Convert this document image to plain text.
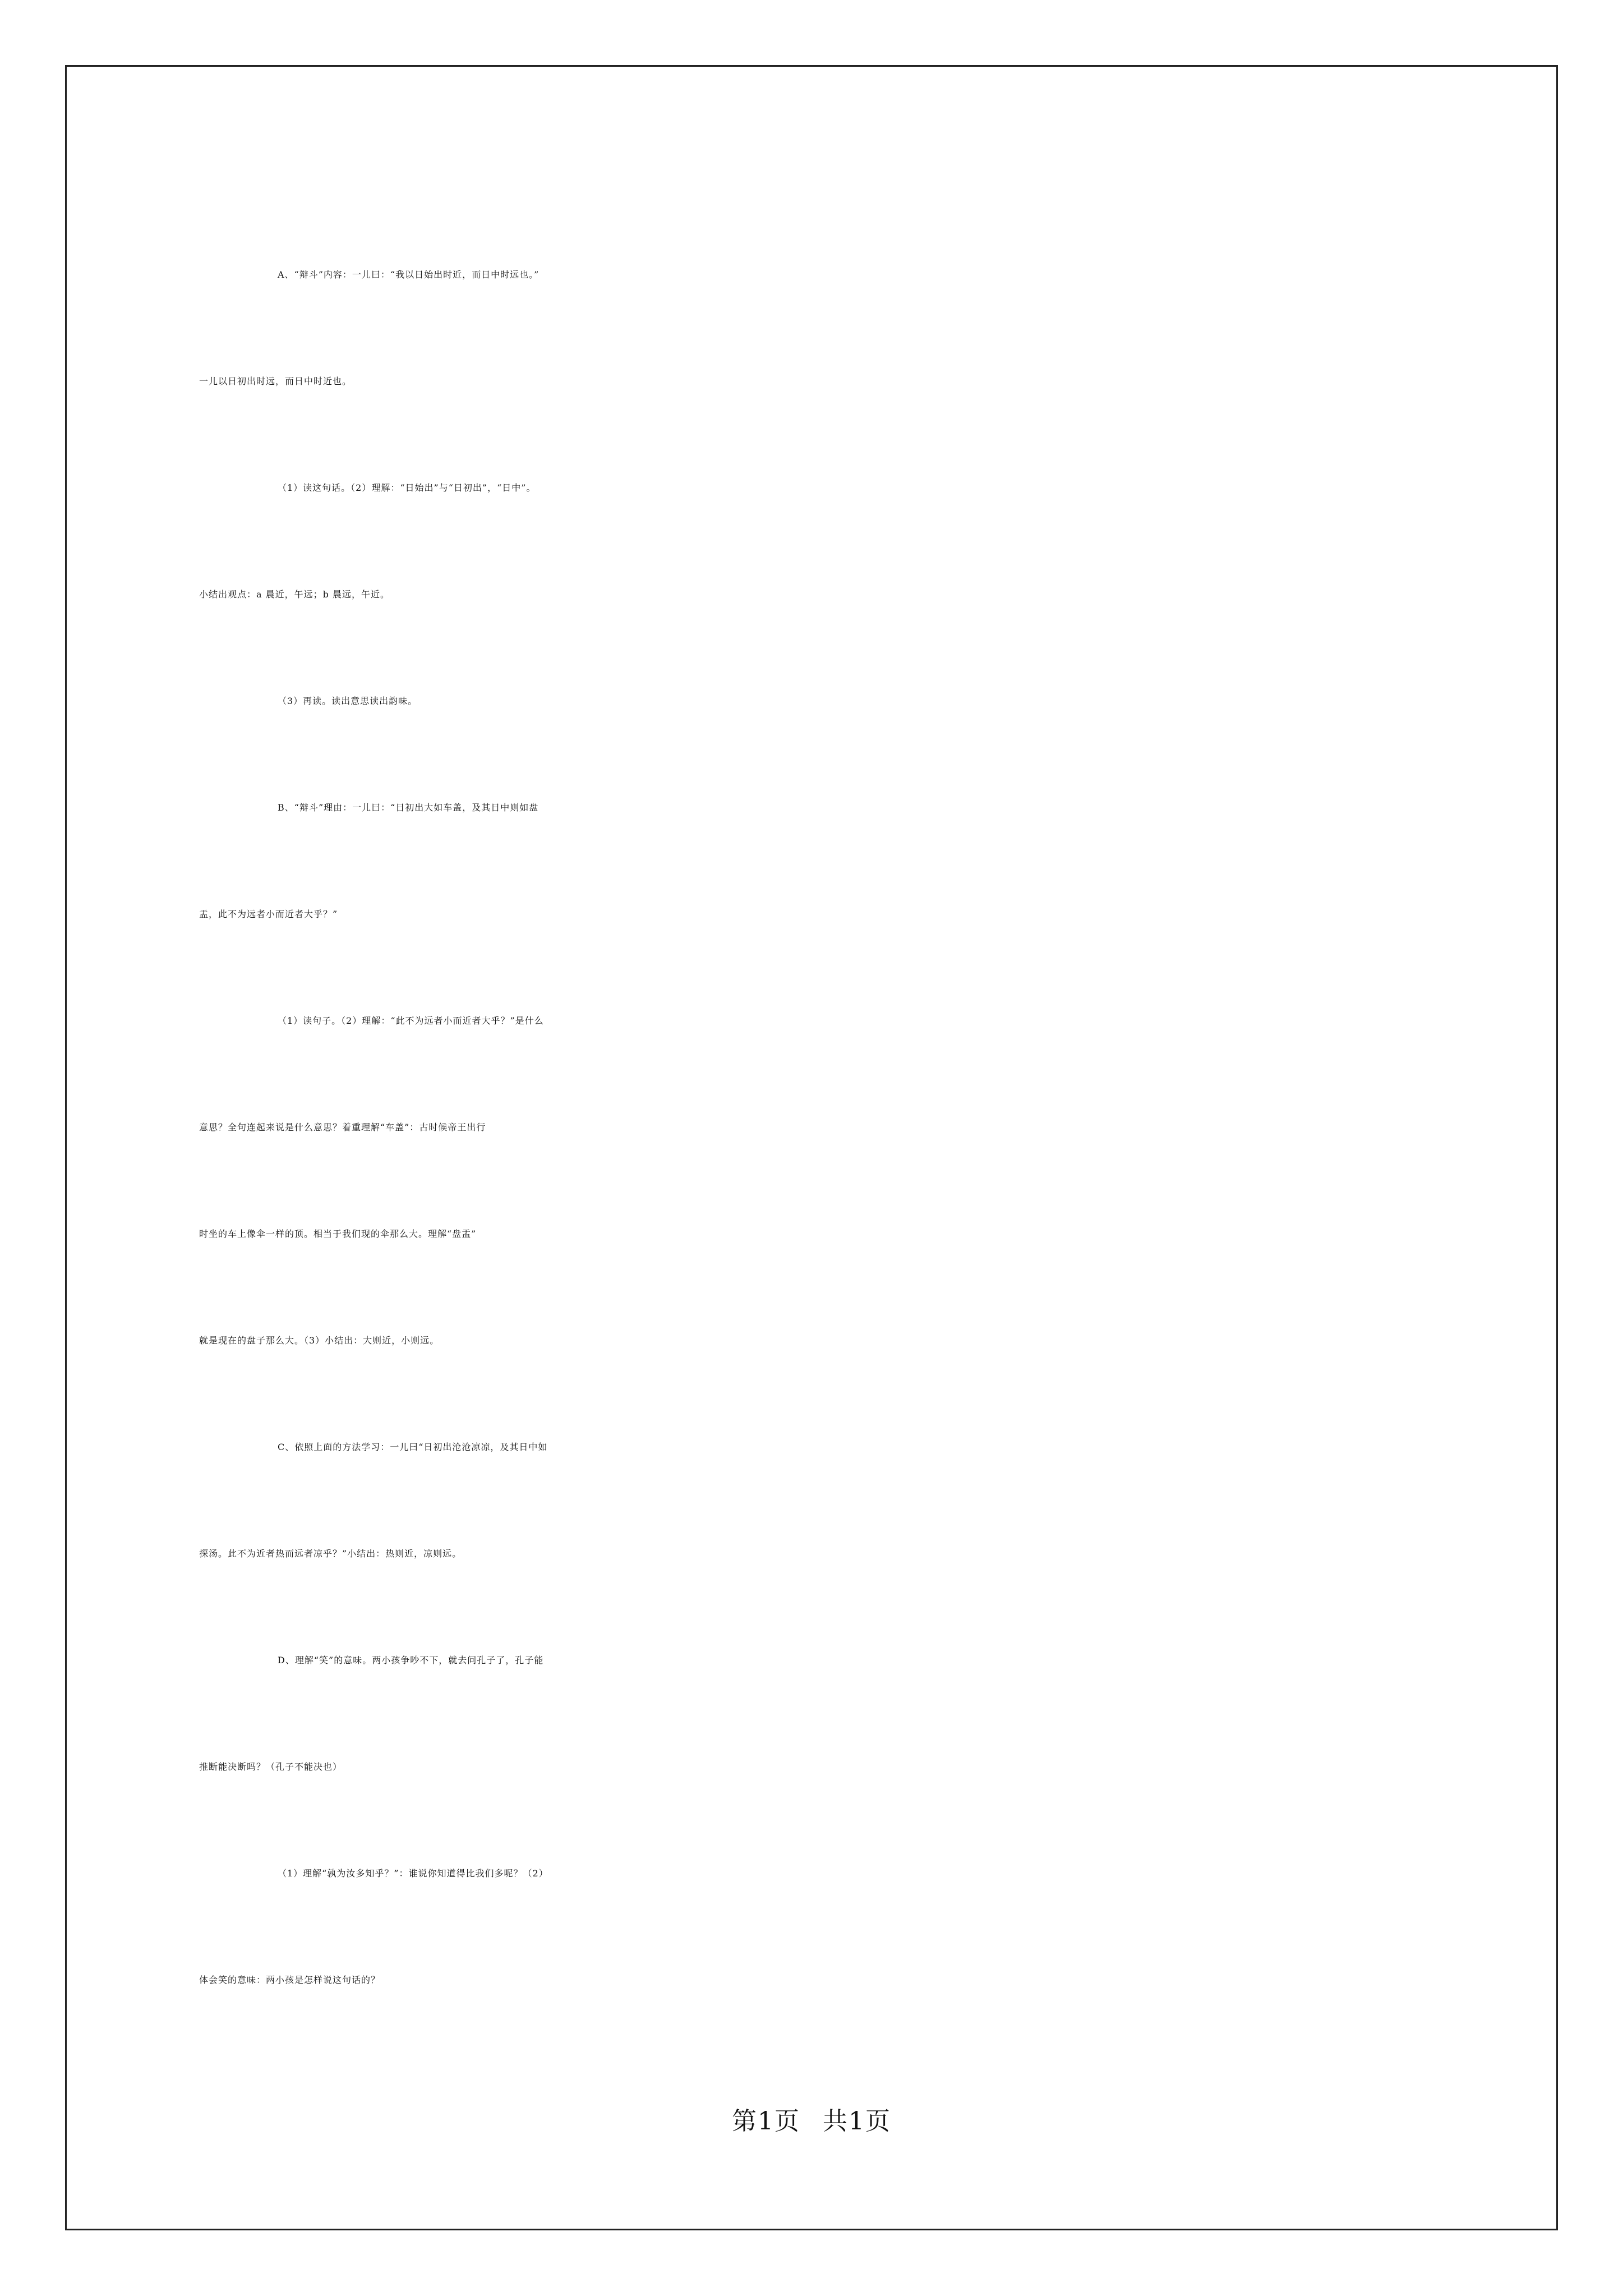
A、“辩斗”内容：一儿曰：“我以日始出时近，而日中时远也。”

一儿以日初出时远，而日中时近也。

（1）读这句话。（2）理解：“日始出”与“日初出”，“日中”。

小结出观点：a 晨近，午远；b 晨远，午近。

（3）再读。读出意思读出韵味。

B、“辩斗”理由：一儿曰：“日初出大如车盖，及其日中则如盘

盂，此不为远者小而近者大乎？”

（1）读句子。（2）理解：“此不为远者小而近者大乎？”是什么

意思？全句连起来说是什么意思？着重理解“车盖”：古时候帝王出行

时坐的车上像伞一样的顶。相当于我们现的伞那么大。理解“盘盂”

就是现在的盘子那么大。（3）小结出：大则近，小则远。

C、依照上面的方法学习：一儿曰“日初出沧沧凉凉，及其日中如

探汤。此不为近者热而远者凉乎？”小结出：热则近，凉则远。

D、理解“笑”的意味。两小孩争吵不下，就去问孔子了，孔子能

推断能决断吗？（孔子不能决也）

（1）理解“孰为汝多知乎？”：谁说你知道得比我们多呢？（2）

体会笑的意味：两小孩是怎样说这句话的？

第1页 共1页
